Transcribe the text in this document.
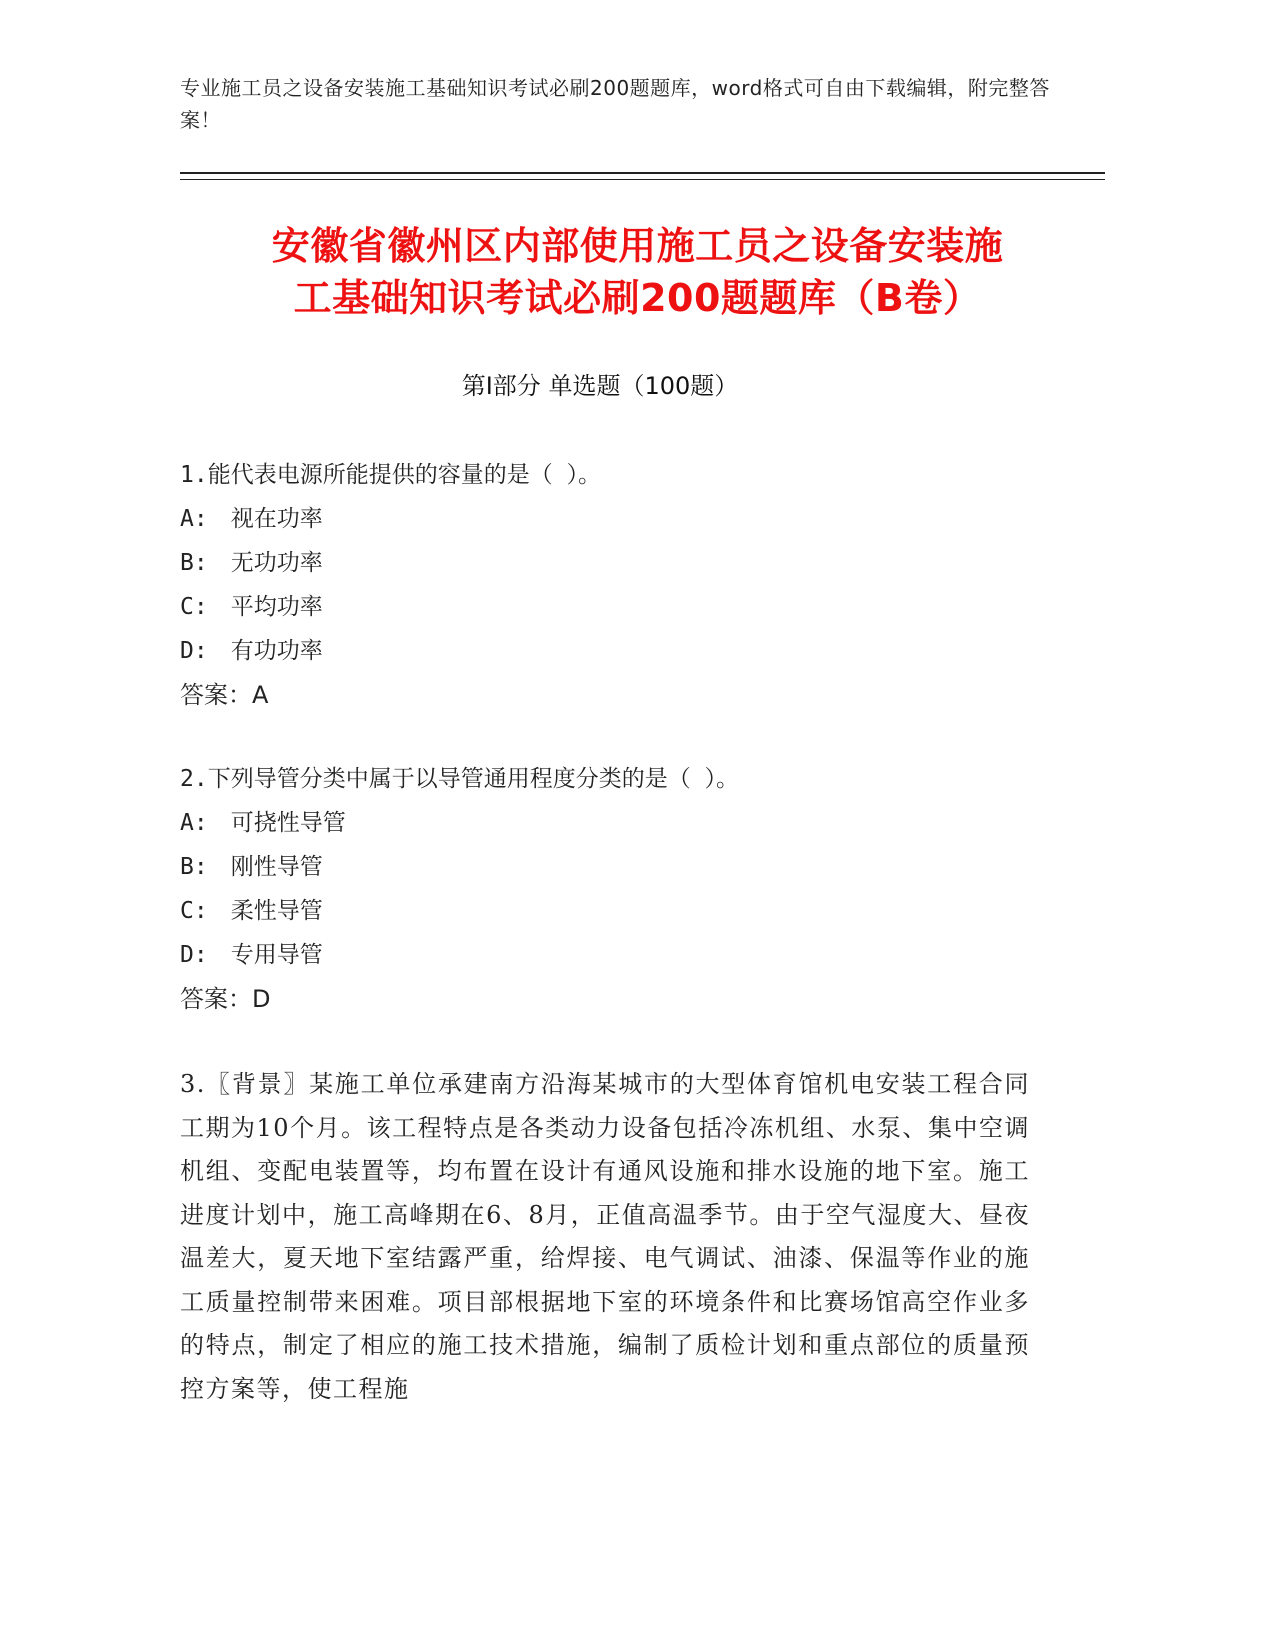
专业施工员之设备安装施工基础知识考试必刷200题题库，word格式可自由下载编辑，附完整答案！
安徽省徽州区内部使用施工员之设备安装施
工基础知识考试必刷200题题库（B卷）
第Ⅰ部分 单选题（100题）
1.能代表电源所能提供的容量的是（ ）。
A:　视在功率
B:　无功功率
C:　平均功率
D:　有功功率
答案：A
2.下列导管分类中属于以导管通用程度分类的是（ ）。
A:　可挠性导管
B:　刚性导管
C:　柔性导管
D:　专用导管
答案：D
3.〖背景〗某施工单位承建南方沿海某城市的大型体育馆机电安装工程合同工期为10个月。该工程特点是各类动力设备包括冷冻机组、水泵、集中空调机组、变配电装置等，均布置在设计有通风设施和排水设施的地下室。施工进度计划中，施工高峰期在6、8月，正值高温季节。由于空气湿度大、昼夜温差大，夏天地下室结露严重，给焊接、电气调试、油漆、保温等作业的施工质量控制带来困难。项目部根据地下室的环境条件和比赛场馆高空作业多的特点，制定了相应的施工技术措施，编制了质检计划和重点部位的质量预控方案等，使工程施
